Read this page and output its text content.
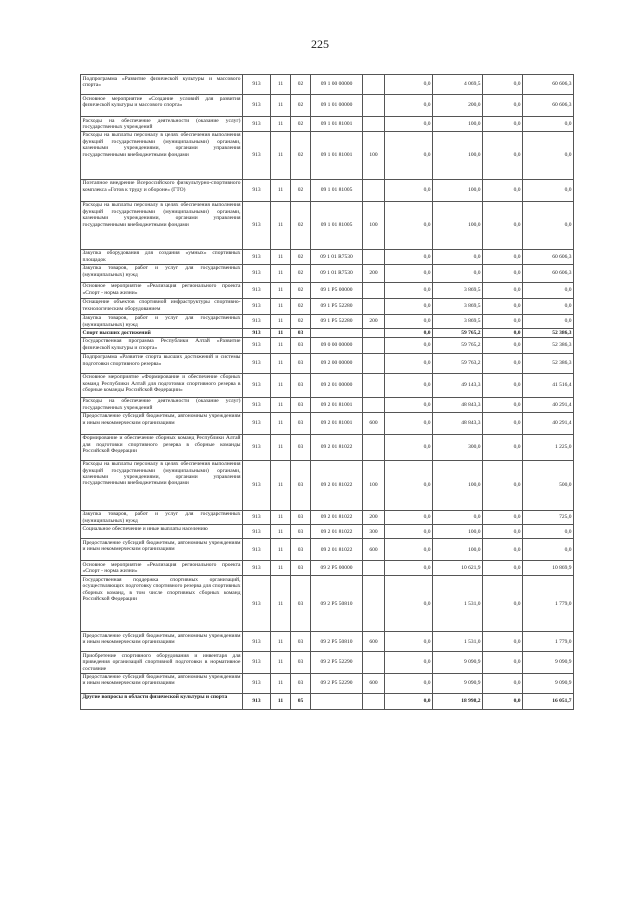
225
Подпрограмма «Развитие физической культуры и массового спорта»	913	11	02	09 1 00 00000		0,0	4 069,5	0,0	60 606,3
Основное мероприятие «Создание условий для развития физической культуры и массового спорта»	913	11	02	09 1 01 00000		0,0	200,0	0,0	60 606,3
Расходы на обеспечение деятельности (оказание услуг) государственных учреждений	913	11	02	09 1 01 81001		0,0	100,0	0,0	0,0
Расходы на выплаты персоналу в целях обеспечения выполнения функций государственными (муниципальными) органами, казенными учреждениями, органами управления государственными внебюджетными фондами	913	11	02	09 1 01 81001	100	0,0	100,0	0,0	0,0
Поэтапное внедрение Всероссийского физкультурно-спортивного комплекса «Готов к труду и обороне» (ГТО)	913	11	02	09 1 01 81005		0,0	100,0	0,0	0,0
Расходы на выплаты персоналу в целях обеспечения выполнения функций государственными (муниципальными) органами, казенными учреждениями, органами управления государственными внебюджетными фондами	913	11	02	09 1 01 81005	100	0,0	100,0	0,0	0,0
Закупка оборудования для создания «умных» спортивных площадок	913	11	02	09 1 01 R7530		0,0	0,0	0,0	60 606,3
Закупка товаров, работ и услуг для государственных (муниципальных) нужд	913	11	02	09 1 01 R7530	200	0,0	0,0	0,0	60 606,3
Основное мероприятие «Реализация регионального проекта «Спорт - норма жизни»	913	11	02	09 1 P5 00000		0,0	3 869,5	0,0	0,0
Оснащение объектов спортивной инфраструктуры спортивно-технологическим оборудованием	913	11	02	09 1 P5 52280		0,0	3 869,5	0,0	0,0
Закупка товаров, работ и услуг для государственных (муниципальных) нужд	913	11	02	09 1 P5 52280	200	0,0	3 869,5	0,0	0,0
Спорт высших достижений	913	11	03			0,0	59 765,2	0,0	52 386,3
Государственная программа Республики Алтай «Развитие физической культуры и спорта»	913	11	03	09 0 00 00000		0,0	59 765,2	0,0	52 386,3
Подпрограмма «Развитие спорта высших достижений и системы подготовки спортивного резерва»	913	11	03	09 2 00 00000		0,0	59 763,2	0,0	52 386,3
Основное мероприятие «Формирование и обеспечение сборных команд Республики Алтай для подготовки спортивного резерва в сборные команды Российской Федерации»	913	11	03	09 2 01 00000		0,0	49 143,3	0,0	41 516,4
Расходы на обеспечение деятельности (оказание услуг) государственных учреждений	913	11	03	09 2 01 81001		0,0	48 843,3	0,0	40 291,4
Предоставление субсидий бюджетным, автономным учреждениям и иным некоммерческим организациям	913	11	03	09 2 01 81001	600	0,0	48 843,3	0,0	40 291,4
Формирование и обеспечение сборных команд Республики Алтай для подготовки спортивного резерва в сборные команды Российской Федерации	913	11	03	09 2 01 81022		0,0	300,0	0,0	1 225,0
Расходы на выплаты персоналу в целях обеспечения выполнения функций государственными (муниципальными) органами, казенными учреждениями, органами управления государственными внебюджетными фондами	913	11	03	09 2 01 81022	100	0,0	100,0	0,0	500,0
Закупка товаров, работ и услуг для государственных (муниципальных) нужд	913	11	03	09 2 01 81022	200	0,0	0,0	0,0	725,0
Социальное обеспечение и иные выплаты населению	913	11	03	09 2 01 81022	300	0,0	100,0	0,0	0,0
Предоставление субсидий бюджетным, автономным учреждениям и иным некоммерческим организациям	913	11	03	09 2 01 81022	600	0,0	100,0	0,0	0,0
Основное мероприятие «Реализация регионального проекта «Спорт - норма жизни»	913	11	03	09 2 P5 00000		0,0	10 621,9	0,0	10 869,9
Государственная поддержка спортивных организаций, осуществляющих подготовку спортивного резерва для спортивных сборных команд, в том числе спортивных сборных команд Российской Федерации	913	11	03	09 2 P5 50810		0,0	1 531,0	0,0	1 779,0
Предоставление субсидий бюджетным, автономным учреждениям и иным некоммерческим организациям	913	11	03	09 2 P5 50810	600	0,0	1 531,0	0,0	1 779,0
Приобретение спортивного оборудования и инвентаря для приведения организаций спортивной подготовки в нормативное состояние	913	11	03	09 2 P5 52290		0,0	9 090,9	0,0	9 090,9
Предоставление субсидий бюджетным, автономным учреждениям и иным некоммерческим организациям	913	11	03	09 2 P5 52290	600	0,0	9 090,9	0,0	9 090,9
Другие вопросы в области физической культуры и спорта	913	11	05			0,0	18 998,2	0,0	16 051,7
